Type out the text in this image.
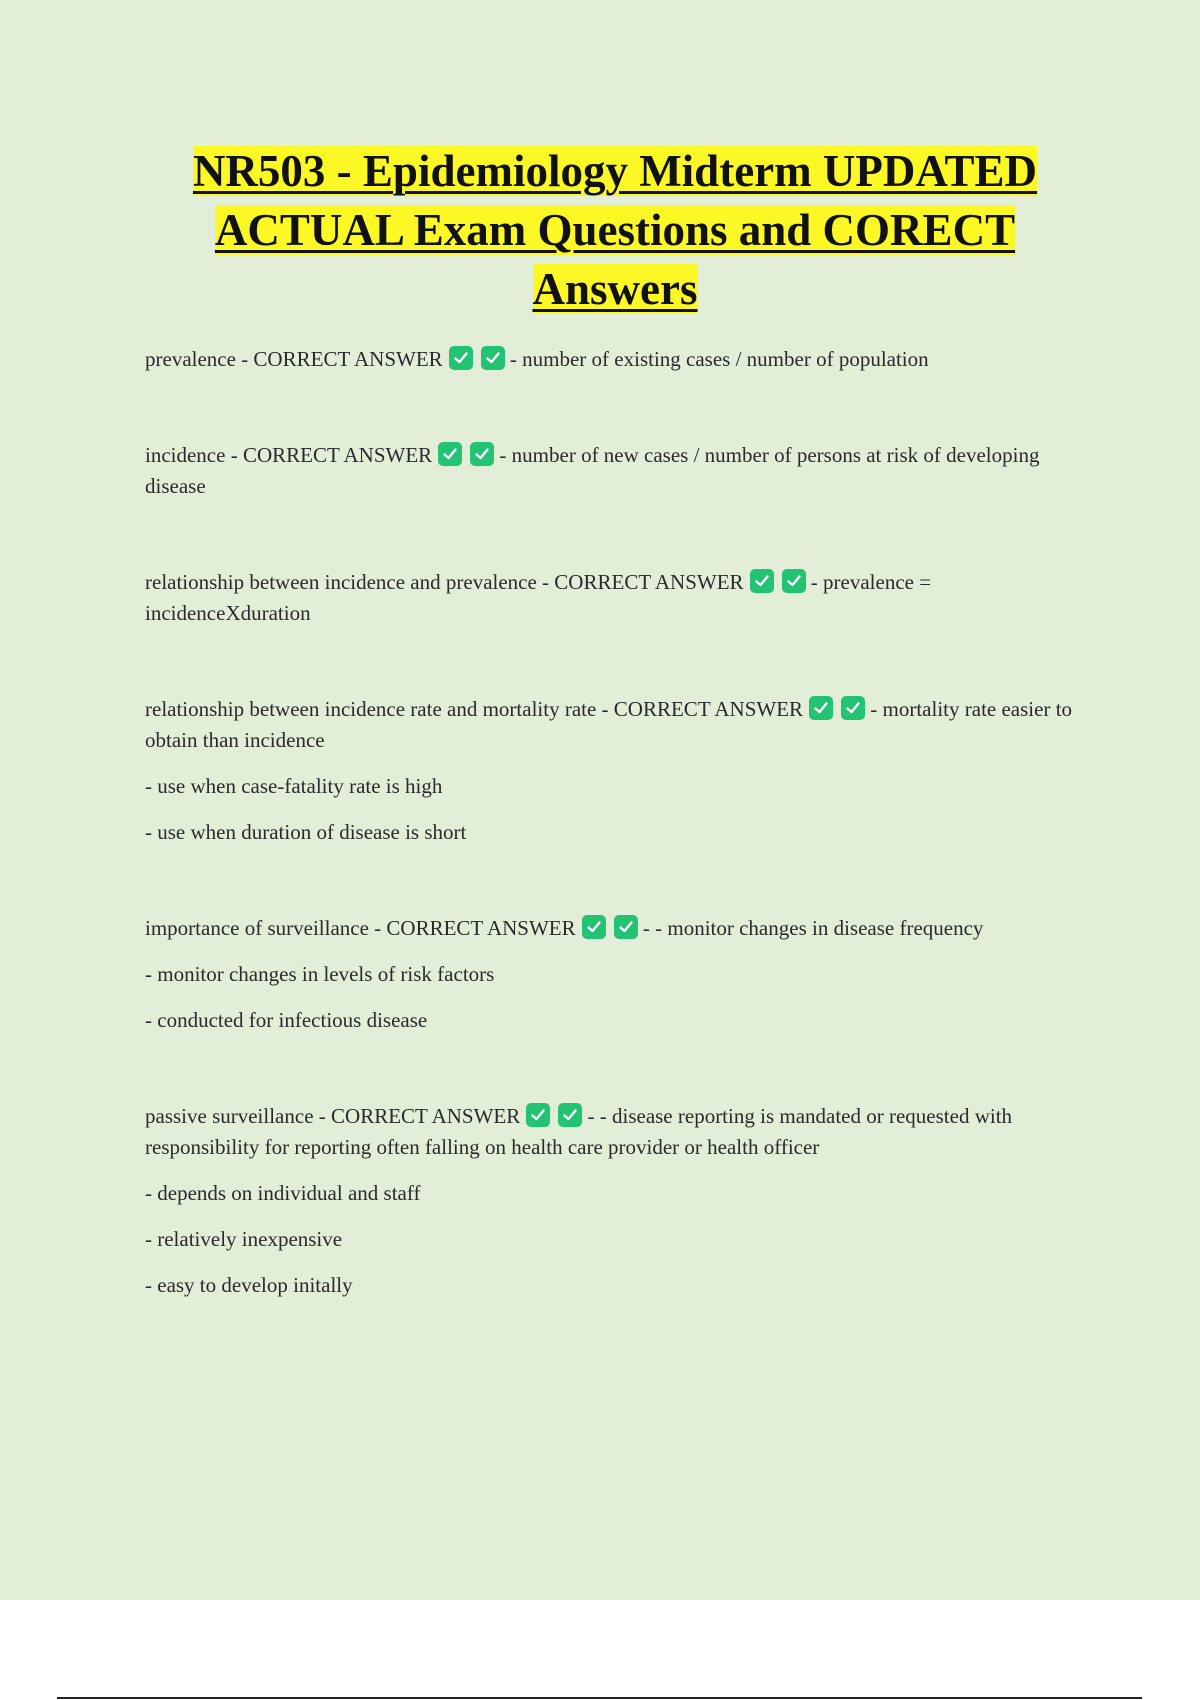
NR503 - Epidemiology Midterm UPDATED ACTUAL Exam Questions and CORECT Answers

prevalence - CORRECT ANSWER	- number of existing cases / number of population

incidence - CORRECT ANSWER	- number of new cases / number of persons at risk of developing disease

relationship between incidence and prevalence - CORRECT ANSWER	- prevalence = incidenceXduration

relationship between incidence rate and mortality rate - CORRECT ANSWER	- mortality rate easier to obtain than incidence

- use when case-fatality rate is high

- use when duration of disease is short

importance of surveillance - CORRECT ANSWER	- - monitor changes in disease frequency

- monitor changes in levels of risk factors

- conducted for infectious disease

passive surveillance - CORRECT ANSWER	- - disease reporting is mandated or requested with responsibility for reporting often falling on health care provider or health officer

- depends on individual and staff

- relatively inexpensive

- easy to develop initally
